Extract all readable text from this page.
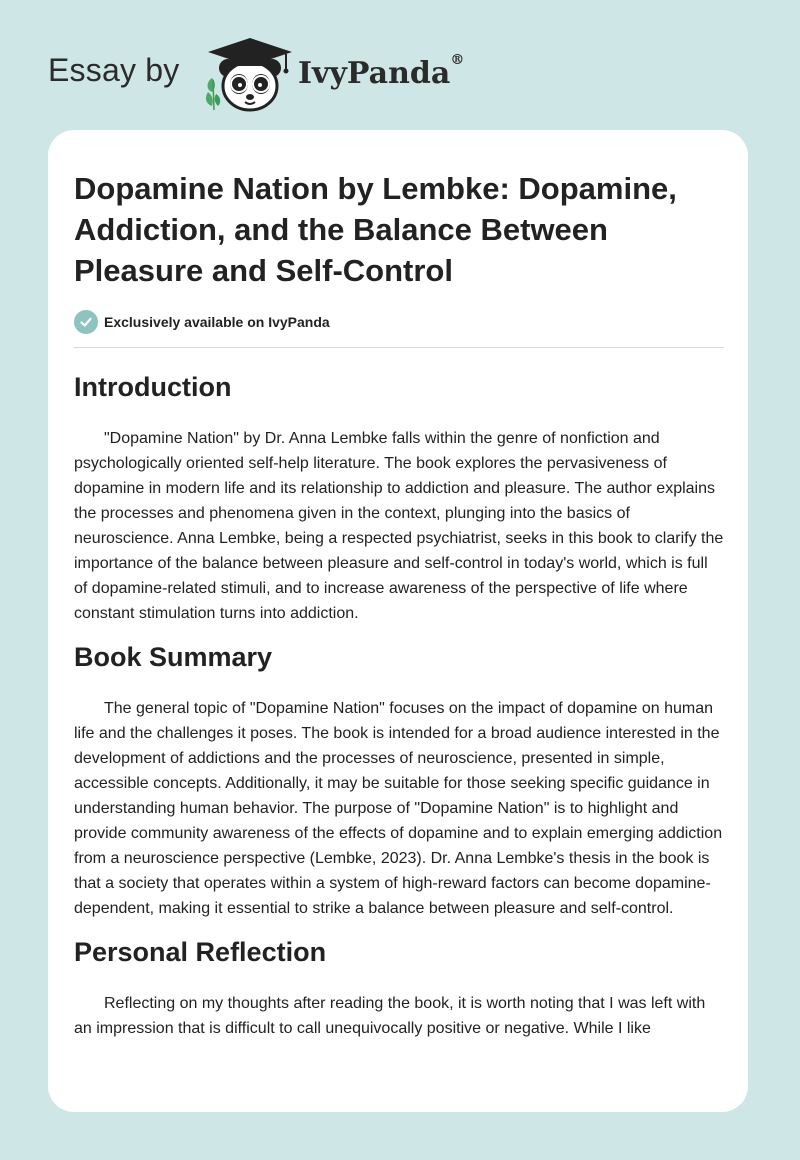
Essay by	IvyPanda®
Dopamine Nation by Lembke: Dopamine, Addiction, and the Balance Between Pleasure and Self-Control
Exclusively available on IvyPanda
Introduction

"Dopamine Nation" by Dr. Anna Lembke falls within the genre of nonfiction and psychologically oriented self-help literature. The book explores the pervasiveness of dopamine in modern life and its relationship to addiction and pleasure. The author explains the processes and phenomena given in the context, plunging into the basics of neuroscience. Anna Lembke, being a respected psychiatrist, seeks in this book to clarify the importance of the balance between pleasure and self-control in today's world, which is full of dopamine-related stimuli, and to increase awareness of the perspective of life where constant stimulation turns into addiction.

Book Summary

The general topic of "Dopamine Nation" focuses on the impact of dopamine on human life and the challenges it poses. The book is intended for a broad audience interested in the development of addictions and the processes of neuroscience, presented in simple, accessible concepts. Additionally, it may be suitable for those seeking specific guidance in understanding human behavior. The purpose of "Dopamine Nation" is to highlight and provide community awareness of the effects of dopamine and to explain emerging addiction from a neuroscience perspective (Lembke, 2023). Dr. Anna Lembke's thesis in the book is that a society that operates within a system of high-reward factors can become dopamine-dependent, making it essential to strike a balance between pleasure and self-control.

Personal Reflection

Reflecting on my thoughts after reading the book, it is worth noting that I was left with an impression that is difficult to call unequivocally positive or negative. While I like
